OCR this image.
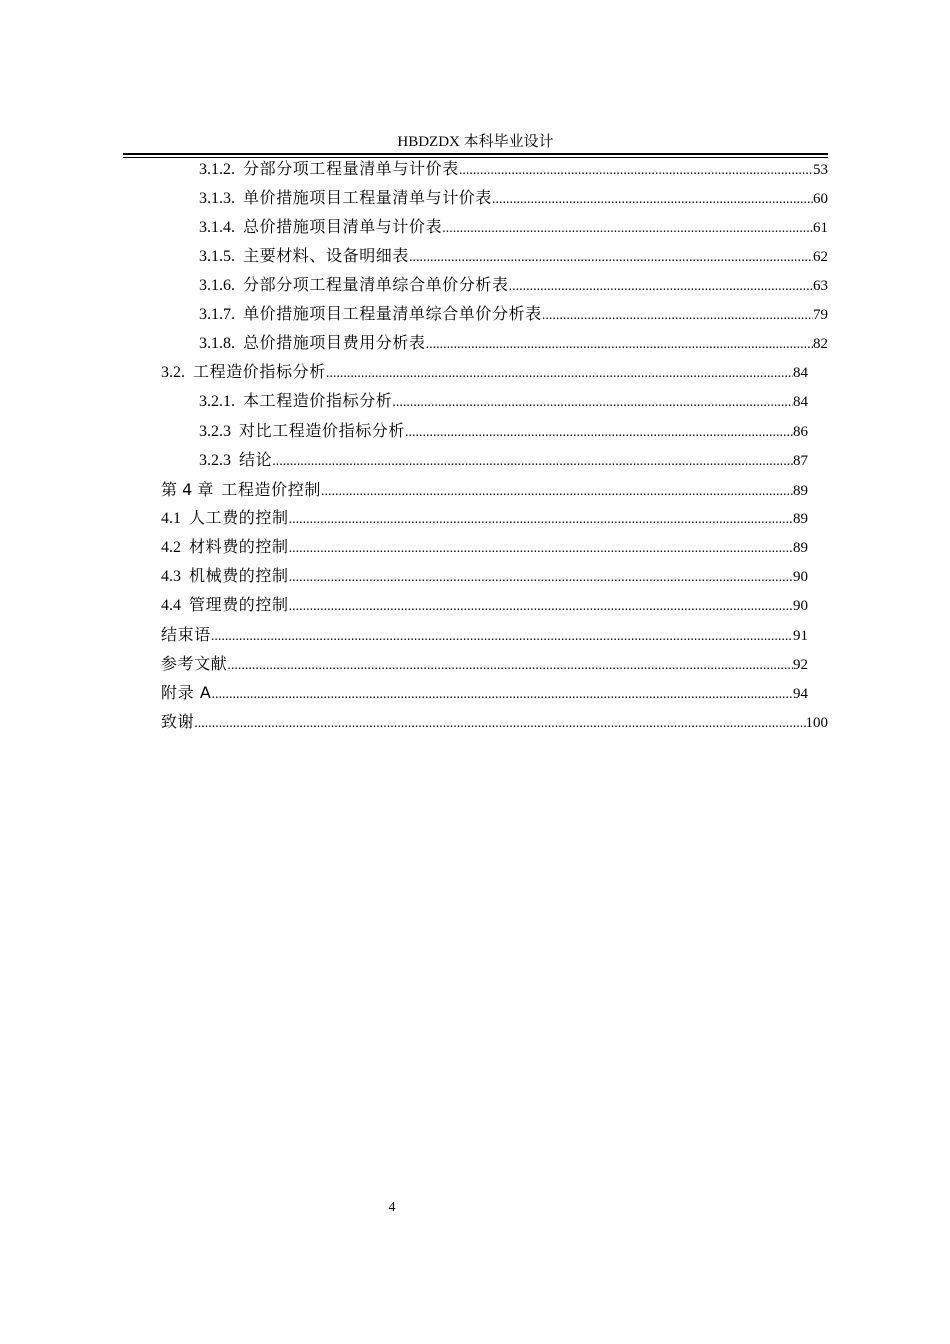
HBDZDX 本科毕业设计
3.1.2. 分部分项工程量清单与计价表 .....	53
3.1.3. 单价措施项目工程量清单与计价表 .....	60
3.1.4. 总价措施项目清单与计价表 .....	61
3.1.5. 主要材料、设备明细表 .....	62
3.1.6. 分部分项工程量清单综合单价分析表 .....	63
3.1.7. 单价措施项目工程量清单综合单价分析表 .....	79
3.1.8. 总价措施项目费用分析表 .....	82
3.2. 工程造价指标分析 .....	84
3.2.1. 本工程造价指标分析 .....	84
3.2.3 对比工程造价指标分析 .....	86
3.2.3 结论 .....	87
第 4 章 工程造价控制 .....	89
4.1 人工费的控制 .....	89
4.2 材料费的控制 .....	89
4.3 机械费的控制 .....	90
4.4 管理费的控制 .....	90
结束语 .....	91
参考文献 .....	92
附录 A .....	94
致谢 .....	100
4
